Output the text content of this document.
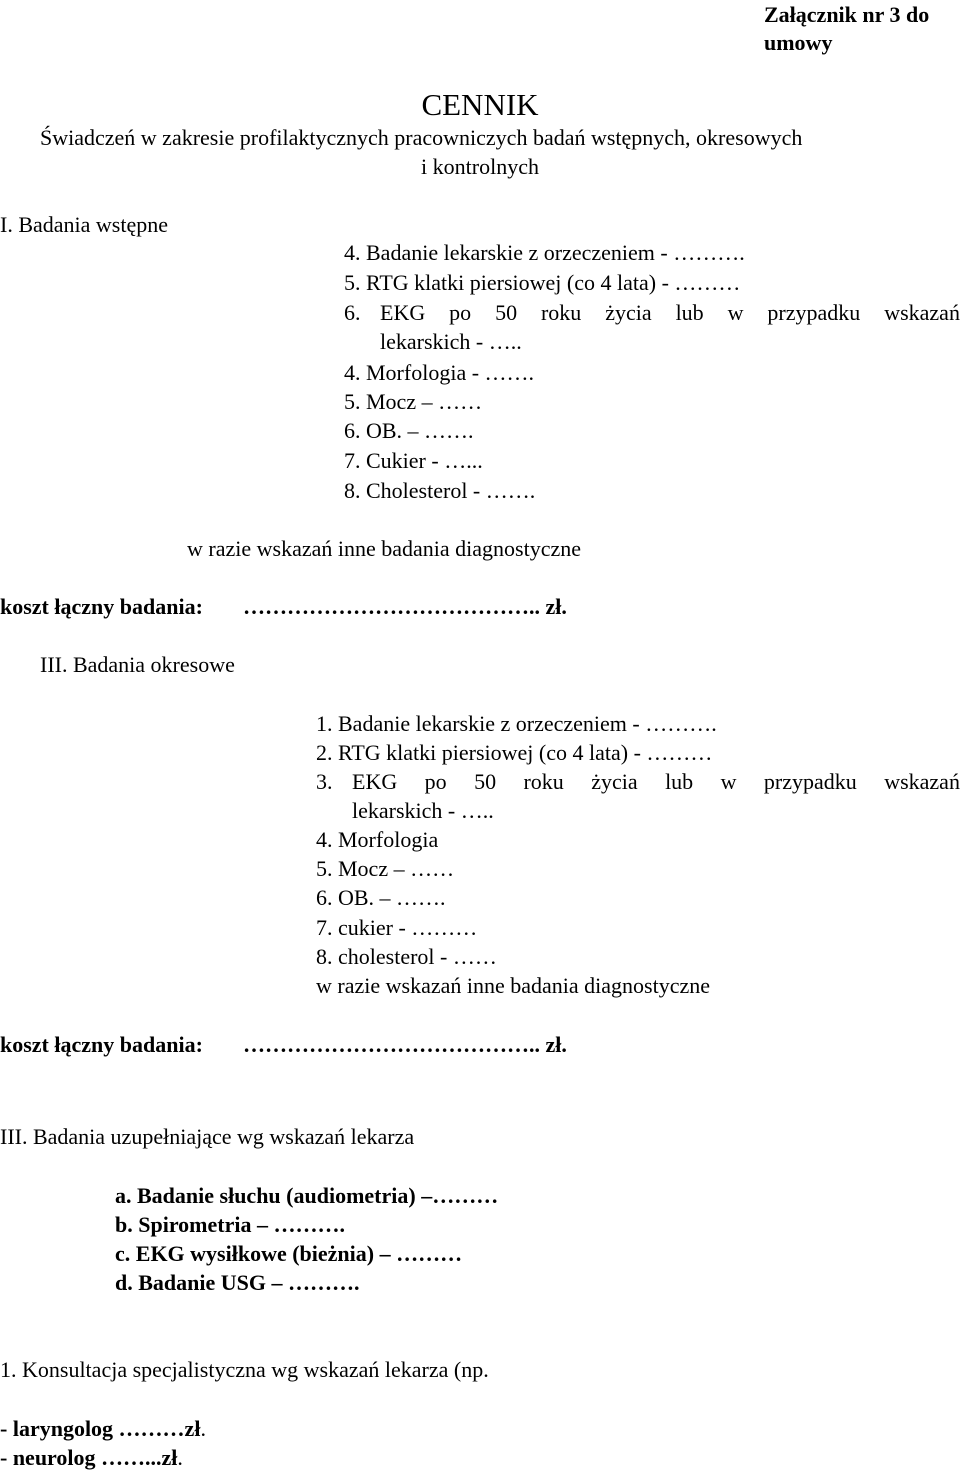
Załącznik nr 3 do
umowy
CENNIK
Świadczeń w zakresie profilaktycznych pracowniczych badań wstępnych, okresowych
i kontrolnych
I. Badania wstępne
4. Badanie lekarskie z orzeczeniem - ……….
5. RTG klatki piersiowej (co 4 lata) - ………
6. EKG po 50 roku życia lub w przypadku wskazań
lekarskich - …..
4. Morfologia - …….
5. Mocz – ……
6. OB. – …….
7. Cukier - …...
8. Cholesterol - …….
w razie wskazań inne badania diagnostyczne
koszt łączny badania: ………………………………….. zł.
III. Badania okresowe
1. Badanie lekarskie z orzeczeniem - ……….
2. RTG klatki piersiowej (co 4 lata) - ………
3. EKG po 50 roku życia lub w przypadku wskazań
lekarskich - …..
4. Morfologia
5. Mocz – ……
6. OB. – …….
7. cukier - ………
8. cholesterol - ……
w razie wskazań inne badania diagnostyczne
koszt łączny badania: ………………………………….. zł.
III. Badania uzupełniające wg wskazań lekarza
a. Badanie słuchu (audiometria) –………
b. Spirometria – ……….
c. EKG wysiłkowe (bieżnia) – ………
d. Badanie USG – ……….
1. Konsultacja specjalistyczna wg wskazań lekarza (np.
- laryngolog ………zł.
- neurolog ……...zł.
